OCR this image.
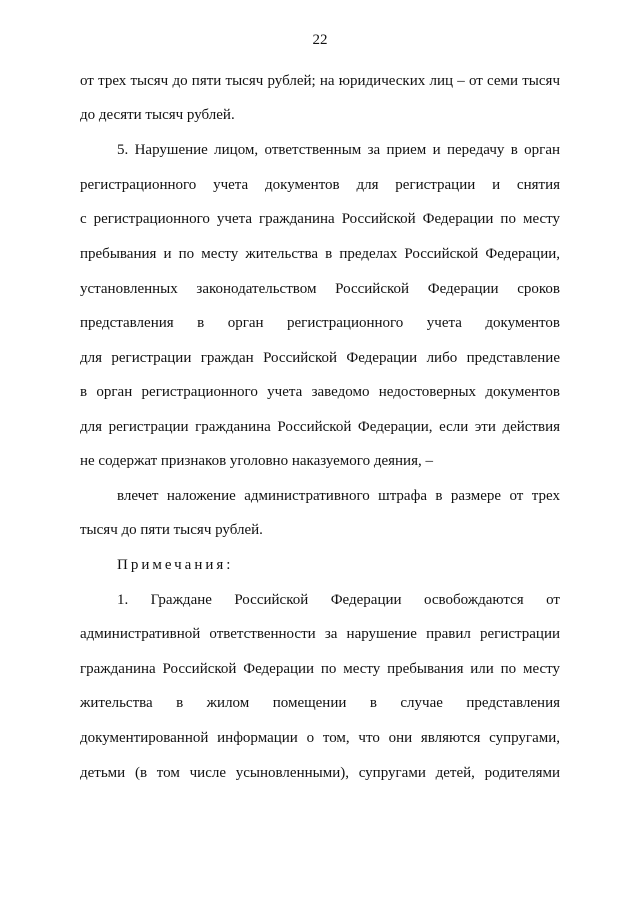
22
от трех тысяч до пяти тысяч рублей; на юридических лиц – от семи тысяч
до десяти тысяч рублей.
5. Нарушение лицом, ответственным за прием и передачу в орган
регистрационного учета документов для регистрации и снятия
с регистрационного учета гражданина Российской Федерации по месту
пребывания и по месту жительства в пределах Российской Федерации,
установленных законодательством Российской Федерации сроков
представления в орган регистрационного учета документов
для регистрации граждан Российской Федерации либо представление
в орган регистрационного учета заведомо недостоверных документов
для регистрации гражданина Российской Федерации, если эти действия
не содержат признаков уголовно наказуемого деяния, –
влечет наложение административного штрафа в размере от трех
тысяч до пяти тысяч рублей.
Примечания:
1. Граждане Российской Федерации освобождаются от
административной ответственности за нарушение правил регистрации
гражданина Российской Федерации по месту пребывания или по месту
жительства в жилом помещении в случае представления
документированной информации о том, что они являются супругами,
детьми (в том числе усыновленными), супругами детей, родителями
